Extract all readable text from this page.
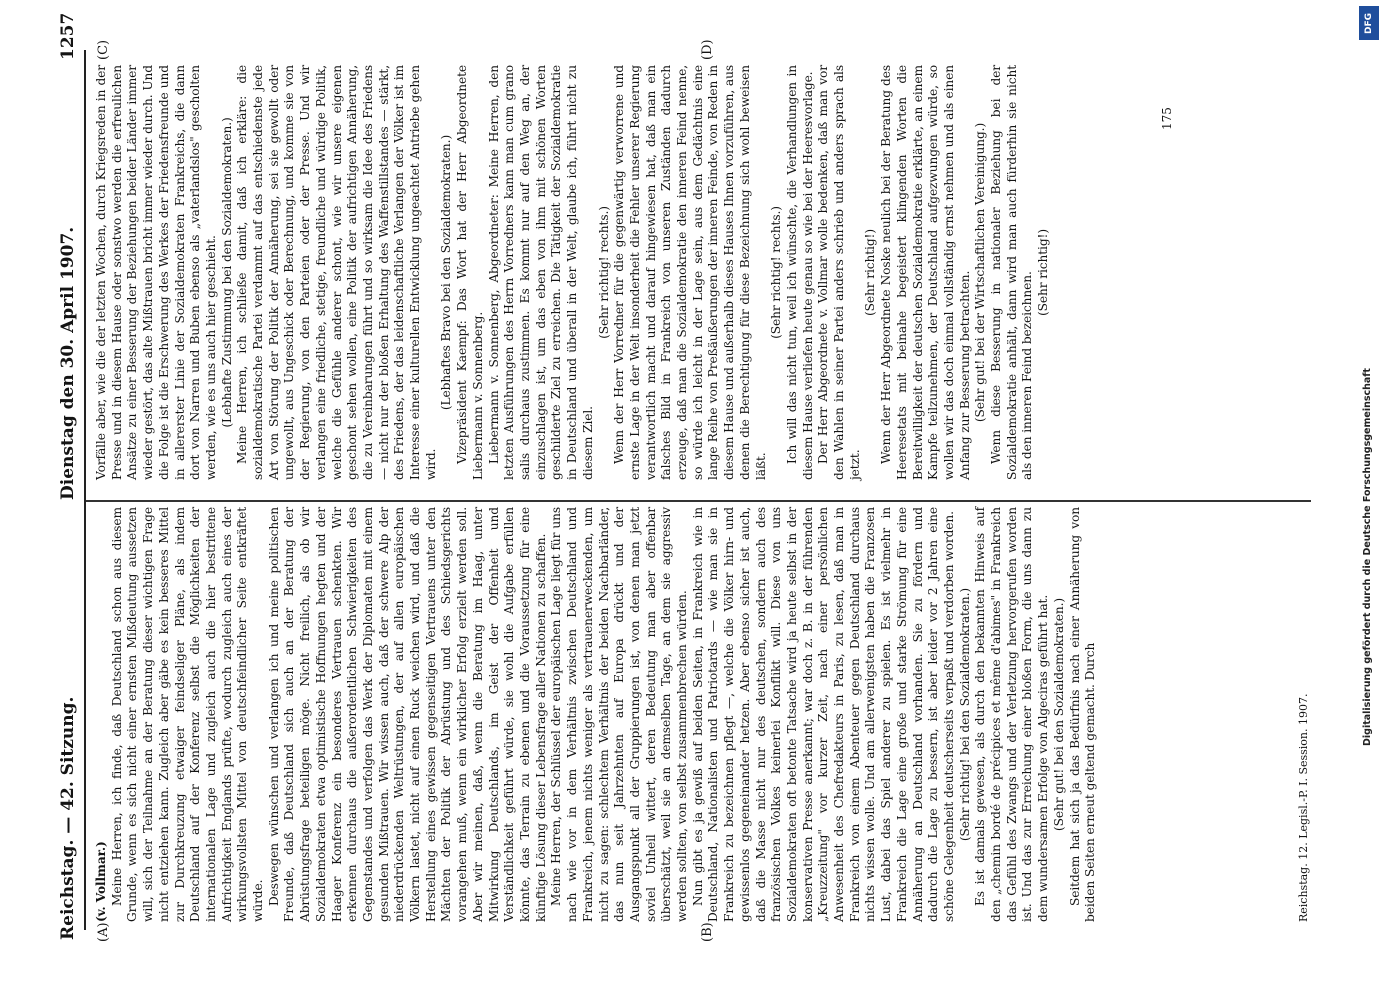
Reichstag. — 42. Sitzung.
Dienstag den 30. April 1907.
1257
(A)	(B)
(C)	(D)

(v. Vollmar.) Meine Herren, ich finde, daß Deutschland schon aus diesem Grunde, wenn es sich nicht einer ernsten Mißdeutung aussetzen will, sich der Teilnahme an der Beratung dieser wichtigen Frage nicht entziehen kann. Zugleich aber gäbe es kein besseres Mittel zur Durchkreuzung etwaiger feindseliger Pläne, als indem Deutschland auf der Konferenz selbst die Möglichkeiten der internationalen Lage und zugleich auch die hier bestrittene Aufrichtigkeit Englands prüfte, wodurch zugleich auch eines der wirkungsvollsten Mittel von deutschfeindlicher Seite entkräftet würde. Deswegen wünschen und verlangen ich und meine politischen Freunde, daß Deutschland sich auch an der Beratung der Abrüstungsfrage beteiligen möge. Nicht freilich, als ob wir Sozialdemokraten etwa optimistische Hoffnungen hegten und der Haager Konferenz ein besonderes Vertrauen schenkten. Wir erkennen durchaus die außerordentlichen Schwierigkeiten des Gegenstandes und verfolgen das Werk der Diplomaten mit einem gesunden Mißtrauen. Wir wissen auch, daß der schwere Alp der niederdrückenden Weltrüstungen, der auf allen europäischen Völkern lastet, nicht auf einen Ruck weichen wird, und daß die Herstellung eines gewissen gegenseitigen Vertrauens unter den Mächten der Politik der Abrüstung und des Schiedsgerichts vorangehen muß, wenn ein wirklicher Erfolg erzielt werden soll. Aber wir meinen, daß, wenn die Beratung im Haag, unter Mitwirkung Deutschlands, im Geist der Offenheit und Verständlichkeit geführt würde, sie wohl die Aufgabe erfüllen könnte, das Terrain zu ebenen und die Voraussetzung für eine künftige Lösung dieser Lebensfrage aller Nationen zu schaffen. Meine Herren, der Schlüssel der europäischen Lage liegt für uns nach wie vor in dem Verhältnis zwischen Deutschland und Frankreich, jenem nichts weniger als vertrauenerweckenden, um nicht zu sagen: schlechtem Verhältnis der beiden Nachbarländer, das nun seit Jahrzehnten auf Europa drückt und der Ausgangspunkt all der Gruppierungen ist, von denen man jetzt soviel Unheil wittert, deren Bedeutung man aber offenbar überschätzt, weil sie an demselben Tage, an dem sie aggressiv werden sollten, von selbst zusammenbrechen würden. Nun gibt es ja gewiß auf beiden Seiten, in Frankreich wie in Deutschland, Nationalisten und Patriotards — wie man sie in Frankreich zu bezeichnen pflegt —, welche die Völker hirn- und gewissenlos gegeneinander hetzen. Aber ebenso sicher ist auch, daß die Masse nicht nur des deutschen, sondern auch des französischen Volkes keinerlei Konflikt will. Diese von uns Sozialdemokraten oft betonte Tatsache wird ja heute selbst in der konservativen Presse anerkannt; war doch z. B. in der führenden „Kreuzzeitung" vor kurzer Zeit, nach einer persönlichen Anwesenheit des Chefredakteurs in Paris, zu lesen, daß man in Frankreich von einem Abenteuer gegen Deutschland durchaus nichts wissen wolle. Und am allerwenigsten haben die Franzosen Lust, dabei das Spiel anderer zu spielen. Es ist vielmehr in Frankreich die Lage eine große und starke Strömung für eine Annäherung an Deutschland vorhanden. Sie zu fördern und dadurch die Lage zu bessern, ist aber leider vor 2 Jahren eine schöne Gelegenheit deutscherseits verpaßt und verdorben worden. (Sehr richtig! bei den Sozialdemokraten.) Es ist damals gewesen, als durch den bekannten Hinweis auf den „chemin bordé de précipices et même d'abimes" in Frankreich das Gefühl des Zwangs und der Verletzung hervorgerufen worden ist. Und das zur Erreichung einer bloßen Form, die uns dann zu dem wundersamen Erfolge von Algeciras geführt hat. (Sehr gut! bei den Sozialdemokraten.) Seitdem hat sich ja das Bedürfnis nach einer Annäherung von beiden Seiten erneut geltend gemacht. Durch	Reichstag. 12. Legisl.-P. I. Session. 1907.

Vorfälle aber, wie die der letzten Wochen, durch Kriegsreden in der Presse und in diesem Hause oder sonstwo werden die erfreulichen Ansätze zu einer Besserung der Beziehungen beider Länder immer wieder gestört, das alte Mißtrauen bricht immer wieder durch. Und die Folge ist die Erschwerung des Werkes der Friedensfreunde und in allererster Linie der Sozialdemokraten Frankreichs, die dann dort von Narren und Buben ebenso als „vaterlandslos" gescholten werden, wie es uns auch hier geschieht. (Lebhafte Zustimmung bei den Sozialdemokraten.) Meine Herren, ich schließe damit, daß ich erkläre: die sozialdemokratische Partei verdammt auf das entschiedenste jede Art von Störung der Politik der Annäherung, sei sie gewollt oder ungewollt, aus Ungeschick oder Berechnung, und komme sie von der Regierung, von den Parteien oder der Presse. Und wir verlangen eine friedliche, stetige, freundliche und würdige Politik, welche die Gefühle anderer schont, wie wir unsere eigenen geschont sehen wollen, eine Politik der aufrichtigen Annäherung, die zu Vereinbarungen führt und so wirksam die Idee des Friedens — nicht nur der bloßen Erhaltung des Waffenstillstandes — stärkt, des Friedens, der das leidenschaftliche Verlangen der Völker ist im Interesse einer kulturellen Entwicklung ungeachtet Antriebe gehen wird.

(Lebhaftes Bravo bei den Sozialdemokraten.) Vizepräsident Kaempf: Das Wort hat der Herr Abgeordnete Liebermann v. Sonnenberg. Liebermann v. Sonnenberg, Abgeordneter: Meine Herren, den letzten Ausführungen des Herrn Vorredners kann man cum grano salis durchaus zustimmen. Es kommt nur auf den Weg an, der einzuschlagen ist, um das eben von ihm mit schönen Worten geschilderte Ziel zu erreichen. Die Tätigkeit der Sozialdemokratie in Deutschland und überall in der Welt, glaube ich, führt nicht zu diesem Ziel.

(Sehr richtig! rechts.) Wenn der Herr Vorredner für die gegenwärtig verworrene und ernste Lage in der Welt insonderheit die Fehler unserer Regierung verantwortlich macht und darauf hingewiesen hat, daß man ein falsches Bild in Frankreich von unseren Zuständen dadurch erzeuge, daß man die Sozialdemokratie den inneren Feind nenne, so würde ich leicht in der Lage sein, aus dem Gedächtnis eine lange Reihe von Preßäußerungen der inneren Feinde, von Reden in diesem Hause und außerhalb dieses Hauses Ihnen vorzuführen, aus denen die Berechtigung für diese Bezeichnung sich wohl beweisen läßt.

(Sehr richtig! rechts.) Ich will das nicht tun, weil ich wünschte, die Verhandlungen in diesem Hause verliefen heute genau so wie bei der Heeresvorlage. Der Herr Abgeordnete v. Vollmar wolle bedenken, daß man vor den Wahlen in seiner Partei anders schrieb und anders sprach als jetzt.

(Sehr richtig!) Wenn der Herr Abgeordnete Noske neulich bei der Beratung des Heeresetats mit beinahe begeistert klingenden Worten die Bereitwilligkeit der deutschen Sozialdemokratie erklärte, an einem Kampfe teilzunehmen, der Deutschland aufgezwungen würde, so wollen wir das doch einmal vollständig ernst nehmen und als einen Anfang zur Besserung betrachten. (Sehr gut! bei der Wirtschaftlichen Vereinigung.) Wenn diese Besserung in nationaler Beziehung bei der Sozialdemokratie anhält, dann wird man auch fürderhin sie nicht als den inneren Feind bezeichnen. (Sehr richtig!)

175
DFG
Digitalisierung gefördert durch die Deutsche Forschungsgemeinschaft
